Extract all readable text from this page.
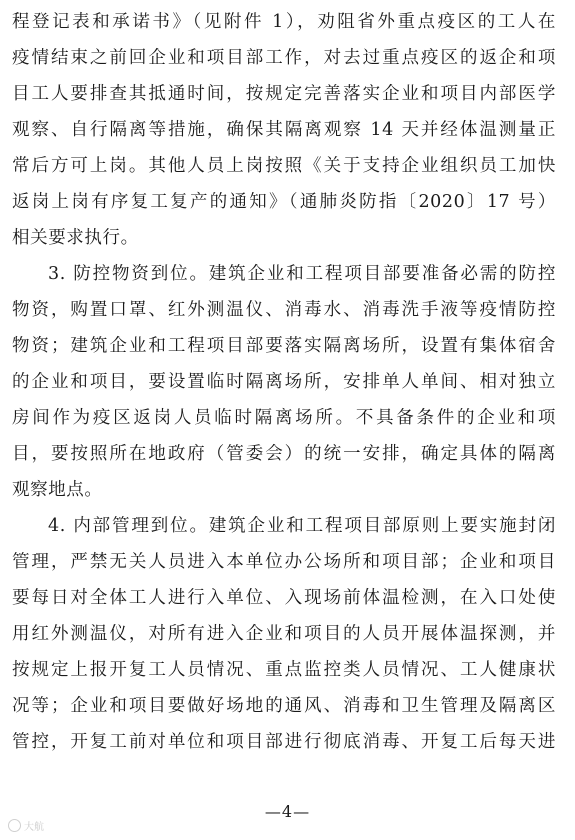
程登记表和承诺书》（见附件 1），劝阻省外重点疫区的工人在
疫情结束之前回企业和项目部工作，对去过重点疫区的返企和项
目工人要排查其抵通时间，按规定完善落实企业和项目内部医学
观察、自行隔离等措施，确保其隔离观察 14 天并经体温测量正
常后方可上岗。其他人员上岗按照《关于支持企业组织员工加快
返岗上岗有序复工复产的通知》（通肺炎防指〔2020〕17 号）
相关要求执行。
3. 防控物资到位。建筑企业和工程项目部要准备必需的防控
物资，购置口罩、红外测温仪、消毒水、消毒洗手液等疫情防控
物资；建筑企业和工程项目部要落实隔离场所，设置有集体宿舍
的企业和项目，要设置临时隔离场所，安排单人单间、相对独立
房间作为疫区返岗人员临时隔离场所。不具备条件的企业和项
目，要按照所在地政府（管委会）的统一安排，确定具体的隔离
观察地点。
4. 内部管理到位。建筑企业和工程项目部原则上要实施封闭
管理，严禁无关人员进入本单位办公场所和项目部；企业和项目
要每日对全体工人进行入单位、入现场前体温检测，在入口处使
用红外测温仪，对所有进入企业和项目的人员开展体温探测，并
按规定上报开复工人员情况、重点监控类人员情况、工人健康状
况等；企业和项目要做好场地的通风、消毒和卫生管理及隔离区
管控，开复工前对单位和项目部进行彻底消毒、开复工后每天进
—4—
大航
